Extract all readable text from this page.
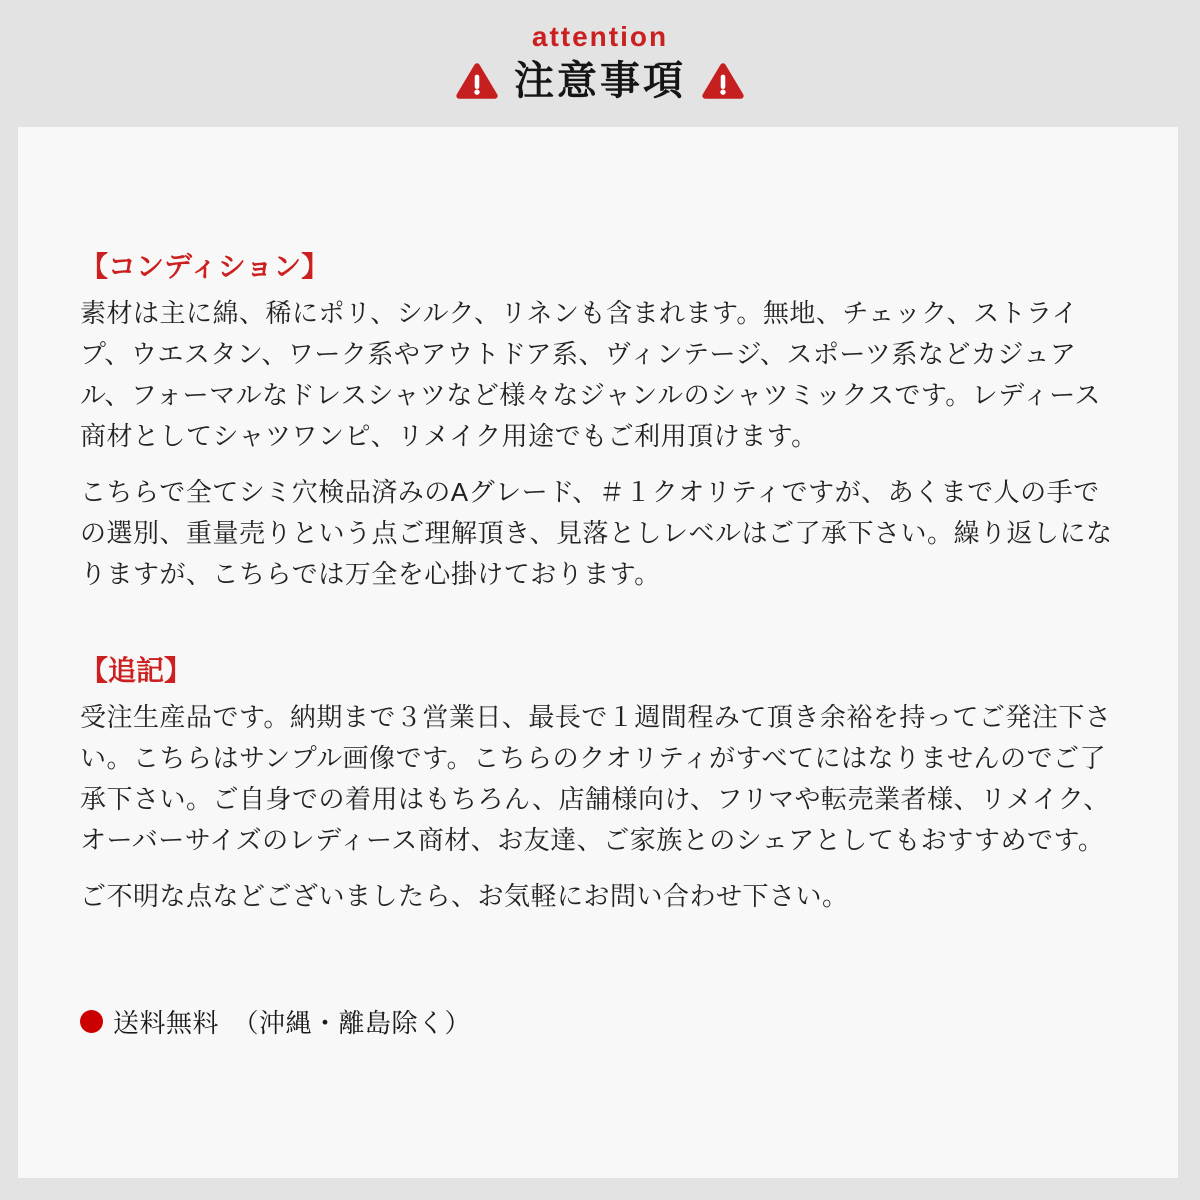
attention
注意事項
【コンディション】

素材は主に綿、稀にポリ、シルク、リネンも含まれます。無地、チェック、ストライプ、ウエスタン、ワーク系やアウトドア系、ヴィンテージ、スポーツ系などカジュアル、フォーマルなドレスシャツなど様々なジャンルのシャツミックスです。レディース商材としてシャツワンピ、リメイク用途でもご利用頂けます。

こちらで全てシミ穴検品済みのAグレード、＃１クオリティですが、あくまで人の手での選別、重量売りという点ご理解頂き、見落としレベルはご了承下さい。繰り返しになりますが、こちらでは万全を心掛けております。

【追記】

受注生産品です。納期まで３営業日、最長で１週間程みて頂き余裕を持ってご発注下さい。こちらはサンプル画像です。こちらのクオリティがすべてにはなりませんのでご了承下さい。ご自身での着用はもちろん、店舗様向け、フリマや転売業者様、リメイク、オーバーサイズのレディース商材、お友達、ご家族とのシェアとしてもおすすめです。

ご不明な点などございましたら、お気軽にお問い合わせ下さい。

送料無料　（沖縄・離島除く）
